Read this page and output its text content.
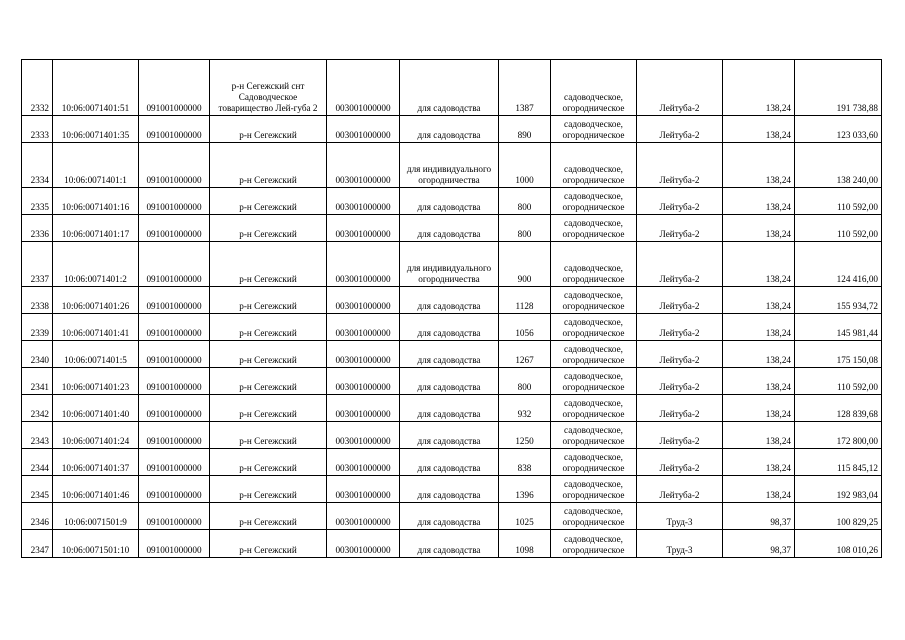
2332	10:06:0071401:51	091001000000	р-н Сегежский снт Садоводческое товарищество Лей-губа 2	003001000000	для садоводства	1387	садоводческое, огородническое	Лейтуба-2	138,24	191 738,88
2333	10:06:0071401:35	091001000000	р-н Сегежский	003001000000	для садоводства	890	садоводческое, огородническое	Лейтуба-2	138,24	123 033,60
2334	10:06:0071401:1	091001000000	р-н Сегежский	003001000000	для индивидуального огородничества	1000	садоводческое, огородническое	Лейтуба-2	138,24	138 240,00
2335	10:06:0071401:16	091001000000	р-н Сегежский	003001000000	для садоводства	800	садоводческое, огородническое	Лейтуба-2	138,24	110 592,00
2336	10:06:0071401:17	091001000000	р-н Сегежский	003001000000	для садоводства	800	садоводческое, огородническое	Лейтуба-2	138,24	110 592,00
2337	10:06:0071401:2	091001000000	р-н Сегежский	003001000000	для индивидуального огородничества	900	садоводческое, огородническое	Лейтуба-2	138,24	124 416,00
2338	10:06:0071401:26	091001000000	р-н Сегежский	003001000000	для садоводства	1128	садоводческое, огородническое	Лейтуба-2	138,24	155 934,72
2339	10:06:0071401:41	091001000000	р-н Сегежский	003001000000	для садоводства	1056	садоводческое, огородническое	Лейтуба-2	138,24	145 981,44
2340	10:06:0071401:5	091001000000	р-н Сегежский	003001000000	для садоводства	1267	садоводческое, огородническое	Лейтуба-2	138,24	175 150,08
2341	10:06:0071401:23	091001000000	р-н Сегежский	003001000000	для садоводства	800	садоводческое, огородническое	Лейтуба-2	138,24	110 592,00
2342	10:06:0071401:40	091001000000	р-н Сегежский	003001000000	для садоводства	932	садоводческое, огородническое	Лейтуба-2	138,24	128 839,68
2343	10:06:0071401:24	091001000000	р-н Сегежский	003001000000	для садоводства	1250	садоводческое, огородническое	Лейтуба-2	138,24	172 800,00
2344	10:06:0071401:37	091001000000	р-н Сегежский	003001000000	для садоводства	838	садоводческое, огородническое	Лейтуба-2	138,24	115 845,12
2345	10:06:0071401:46	091001000000	р-н Сегежский	003001000000	для садоводства	1396	садоводческое, огородническое	Лейтуба-2	138,24	192 983,04
2346	10:06:0071501:9	091001000000	р-н Сегежский	003001000000	для садоводства	1025	садоводческое, огородническое	Труд-3	98,37	100 829,25
2347	10:06:0071501:10	091001000000	р-н Сегежский	003001000000	для садоводства	1098	садоводческое, огородническое	Труд-3	98,37	108 010,26
